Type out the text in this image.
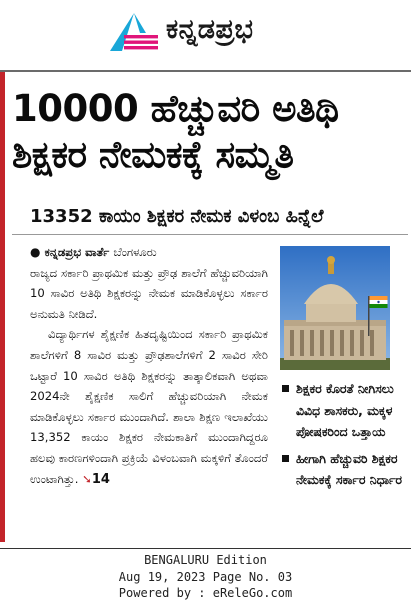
ಕನ್ನಡಪ್ರಭ
10000 ಹೆಚ್ಚುವರಿ ಅತಿಥಿ
ಶಿಕ್ಷಕರ ನೇಮಕಕ್ಕೆ ಸಮ್ಮತಿ
13352 ಕಾಯಂ ಶಿಕ್ಷಕರ ನೇಮಕ ವಿಳಂಬ ಹಿನ್ನೆಲೆ
● ಕನ್ನಡಪ್ರಭ ವಾರ್ತೆ ಬೆಂಗಳೂರು

ರಾಜ್ಯದ ಸರ್ಕಾರಿ ಪ್ರಾಥಮಿಕ ಮತ್ತು ಪ್ರೌಢ ಶಾಲೆಗೆ ಹೆಚ್ಚುವರಿಯಾಗಿ 10 ಸಾವಿರ ಅತಿಥಿ ಶಿಕ್ಷಕರನ್ನು ನೇಮಕ ಮಾಡಿಕೊಳ್ಳಲು ಸರ್ಕಾರ ಅನುಮತಿ ನೀಡಿದೆ.

ವಿದ್ಯಾರ್ಥಿಗಳ ಶೈಕ್ಷಣಿಕ ಹಿತದೃಷ್ಟಿಯಿಂದ ಸರ್ಕಾರಿ ಪ್ರಾಥಮಿಕ ಶಾಲೆಗಳಿಗೆ 8 ಸಾವಿರ ಮತ್ತು ಪ್ರೌಢಶಾಲೆಗಳಿಗೆ 2 ಸಾವಿರ ಸೇರಿ ಒಟ್ಟಾರೆ 10 ಸಾವಿರ ಅತಿಥಿ ಶಿಕ್ಷಕರನ್ನು ತಾತ್ಕಾಲಿಕವಾಗಿ ಅಥವಾ 2024ನೇ ಶೈಕ್ಷಣಿಕ ಸಾಲಿಗೆ ಹೆಚ್ಚುವರಿಯಾಗಿ ನೇಮಕ ಮಾಡಿಕೊಳ್ಳಲು ಸರ್ಕಾರ ಮುಂದಾಗಿದೆ. ಶಾಲಾ ಶಿಕ್ಷಣ ಇಲಾಖೆಯು 13,352 ಕಾಯಂ ಶಿಕ್ಷಕರ ನೇಮಕಾತಿಗೆ ಮುಂದಾಗಿದ್ದರೂ ಹಲವು ಕಾರಣಗಳಿಂದಾಗಿ ಪ್ರಕ್ರಿಯೆ ವಿಳಂಬವಾಗಿ ಮಕ್ಕಳಿಗೆ ತೊಂದರೆ ಉಂಟಾಗಿತ್ತು. ➘14

ಶಿಕ್ಷಕರ ಕೊರತೆ ನೀಗಿಸಲು ವಿವಿಧ ಶಾಸಕರು, ಮಕ್ಕಳ ಪೋಷಕರಿಂದ ಒತ್ತಾಯ
ಹೀಗಾಗಿ ಹೆಚ್ಚುವರಿ ಶಿಕ್ಷಕರ ನೇಮಕಕ್ಕೆ ಸರ್ಕಾರ ನಿರ್ಧಾರ
BENGALURU Edition
Aug 19, 2023 Page No. 03
Powered by : eReleGo.com
